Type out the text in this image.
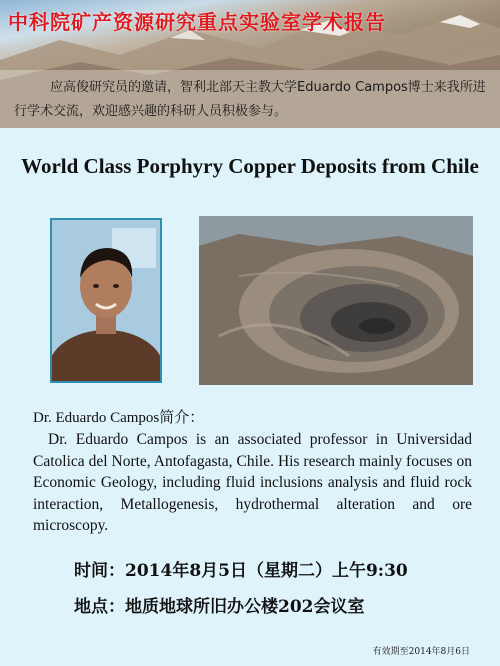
中科院矿产资源研究重点实验室学术报告
应高俊研究员的邀请，智利北部天主教大学Eduardo Campos博士来我所进行学术交流，欢迎感兴趣的科研人员积极参与。
World Class Porphyry Copper Deposits from Chile
Dr. Eduardo Campos简介：
Dr. Eduardo Campos is an associated professor in Universidad Catolica del Norte, Antofagasta, Chile. His research mainly focuses on Economic Geology, including fluid inclusions analysis and fluid rock interaction, Metallogenesis, hydrothermal alteration and ore microscopy.
时间：2014年8月5日（星期二）上午9:30
地点：地质地球所旧办公楼202会议室
有效期至2014年8月6日
